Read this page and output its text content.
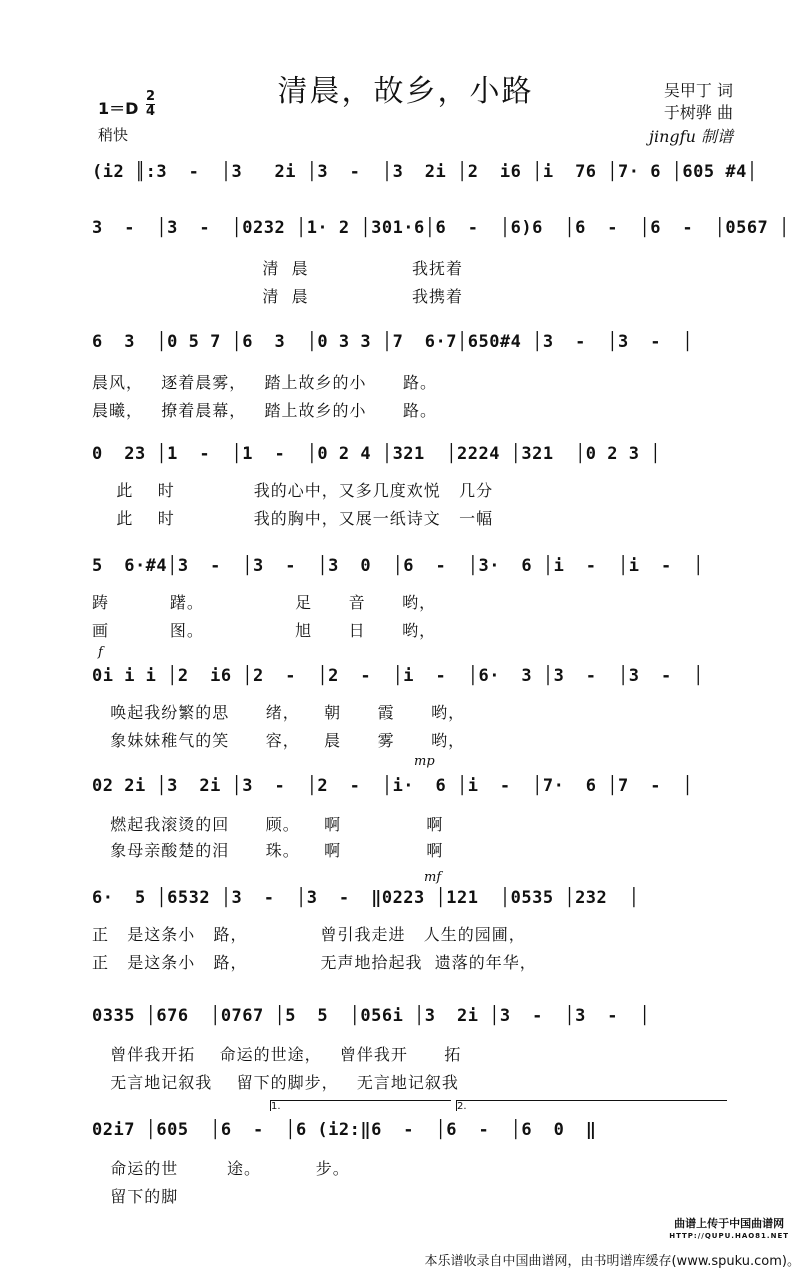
清晨，故乡，小路	吴甲丁 词
于树骅 曲
jingfu 制谱
1＝D
2
4
稍快
(i2 ║:3  -  │3   2i │3  -  │3  2i │2  i6 │i  76 │7· 6 │605 #4│
3  -  │3  -  │0232 │1· 2 │301·6│6  -  │6)6  │6  -  │6  -  │0567 │
清  晨                 我抚着
清  晨                 我携着
6  3  │0 5 7 │6  3  │0 3 3 │7  6·7│650#4 │3  -  │3  -  │
晨风，   逐着晨雾，   踏上故乡的小      路。
晨曦，   撩着晨幕，   踏上故乡的小      路。
0  23 │1  -  │1  -  │0 2 4 │321  │2224 │321  │0 2 3 │
此    时             我的心中，又多几度欢悦   几分
此    时             我的胸中，又展一纸诗文   一幅
5  6·#4│3  -  │3  -  │3  0  │6  -  │3·  6 │i  -  │i  -  │
踌          躇。               足      音      哟，
画          图。               旭      日      哟，
f
0i i i │2  i6 │2  -  │2  -  │i  -  │6·  3 │3  -  │3  -  │
唤起我纷繁的思      绪，    朝      霞      哟，
象妹妹稚气的笑      容，    晨      雾      哟，
mp
02 2i │3  2i │3  -  │2  -  │i·  6 │i  -  │7·  6 │7  -  │
燃起我滚烫的回      顾。    啊              啊
象母亲酸楚的泪      珠。    啊              啊
mf
6·  5 │6532 │3  -  │3  -  ‖0223 │121  │0535 │232  │
正   是这条小   路，            曾引我走进   人生的园圃，
正   是这条小   路，            无声地拾起我  遗落的年华，
0335 │676  │0767 │5  5  │056i │3  2i │3  -  │3  -  │
曾伴我开拓    命运的世途，   曾伴我开      拓
无言地记叙我    留下的脚步，   无言地记叙我
1.	2.
02i7 │605  │6  -  │6 (i2:‖6  -  │6  -  │6  0  ‖
命运的世        途。         步。
留下的脚
曲谱上传于中国曲谱网
HTTP://QUPU.HAO81.NET
本乐谱收录自中国曲谱网，由书明谱库缓存(www.spuku.com)。
